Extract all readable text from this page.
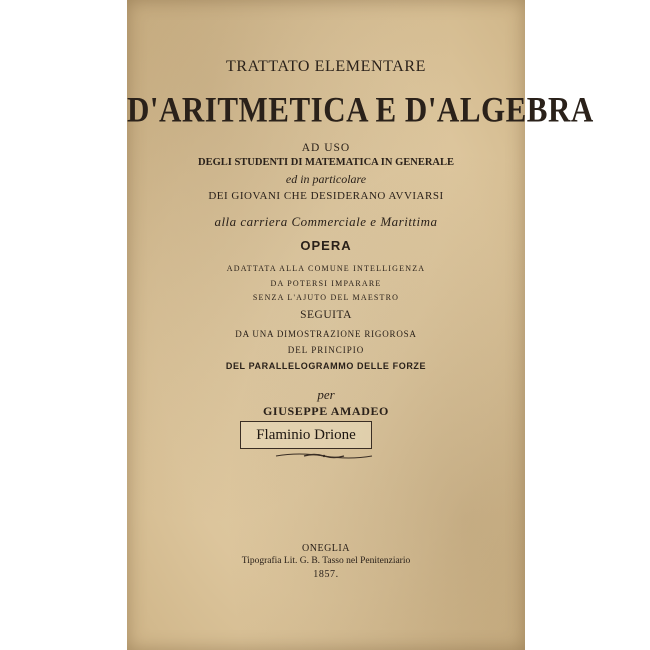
TRATTATO ELEMENTARE
D'ARITMETICA E D'ALGEBRA
AD USO
DEGLI STUDENTI DI MATEMATICA IN GENERALE
ed in particolare
DEI GIOVANI CHE DESIDERANO AVVIARSI
alla carriera Commerciale e Marittima
OPERA
ADATTATA ALLA COMUNE INTELLIGENZA
DA POTERSI IMPARARE
SENZA L'AJUTO DEL MAESTRO
SEGUITA
DA UNA DIMOSTRAZIONE RIGOROSA
DEL PRINCIPIO
DEL PARALLELOGRAMMO DELLE FORZE
per
GIUSEPPE AMADEO
Flaminio Drione
ONEGLIA
Tipografia Lit. G. B. Tasso nel Penitenziario
1857.
